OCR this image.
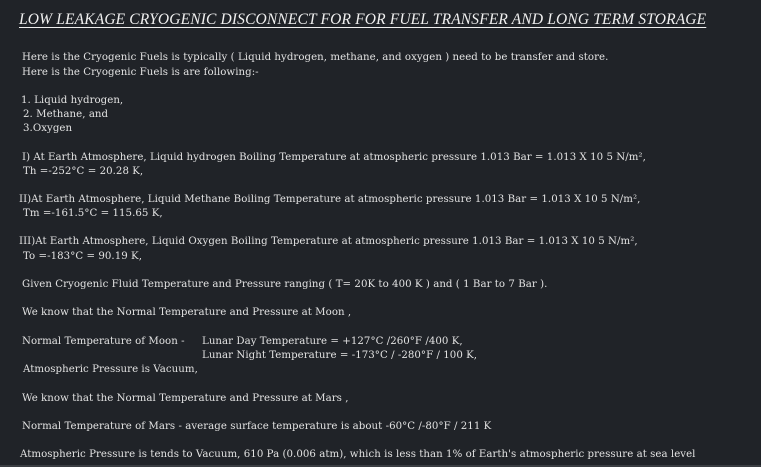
LOW LEAKAGE CRYOGENIC DISCONNECT FOR FOR FUEL TRANSFER AND LONG TERM STORAGE
Here is the Cryogenic Fuels is typically ( Liquid hydrogen, methane, and oxygen ) need to be transfer and store.
Here is the Cryogenic Fuels is are following:-
1. Liquid hydrogen,
2. Methane, and
3.Oxygen
I) At Earth Atmosphere, Liquid hydrogen Boiling Temperature at atmospheric pressure 1.013 Bar = 1.013 X 10 5 N/m²,
Th =-252°C = 20.28 K,
II)At Earth Atmosphere, Liquid Methane Boiling Temperature at atmospheric pressure 1.013 Bar = 1.013 X 10 5 N/m²,
Tm =-161.5°C = 115.65 K,
III)At Earth Atmosphere, Liquid Oxygen Boiling Temperature at atmospheric pressure 1.013 Bar = 1.013 X 10 5 N/m²,
To =-183°C = 90.19 K,
Given Cryogenic Fluid Temperature and Pressure ranging ( T= 20K to 400 K ) and ( 1 Bar to 7 Bar ).
We know that the Normal Temperature and Pressure at Moon ,
Normal Temperature of Moon - Lunar Day Temperature = +127°C /260°F /400 K,
Lunar Night Temperature = -173°C / -280°F / 100 K,
Atmospheric Pressure is Vacuum,
We know that the Normal Temperature and Pressure at Mars ,
Normal Temperature of Mars - average surface temperature is about -60°C /-80°F / 211 K
Atmospheric Pressure is tends to Vacuum, 610 Pa (0.006 atm), which is less than 1% of Earth's atmospheric pressure at sea level
